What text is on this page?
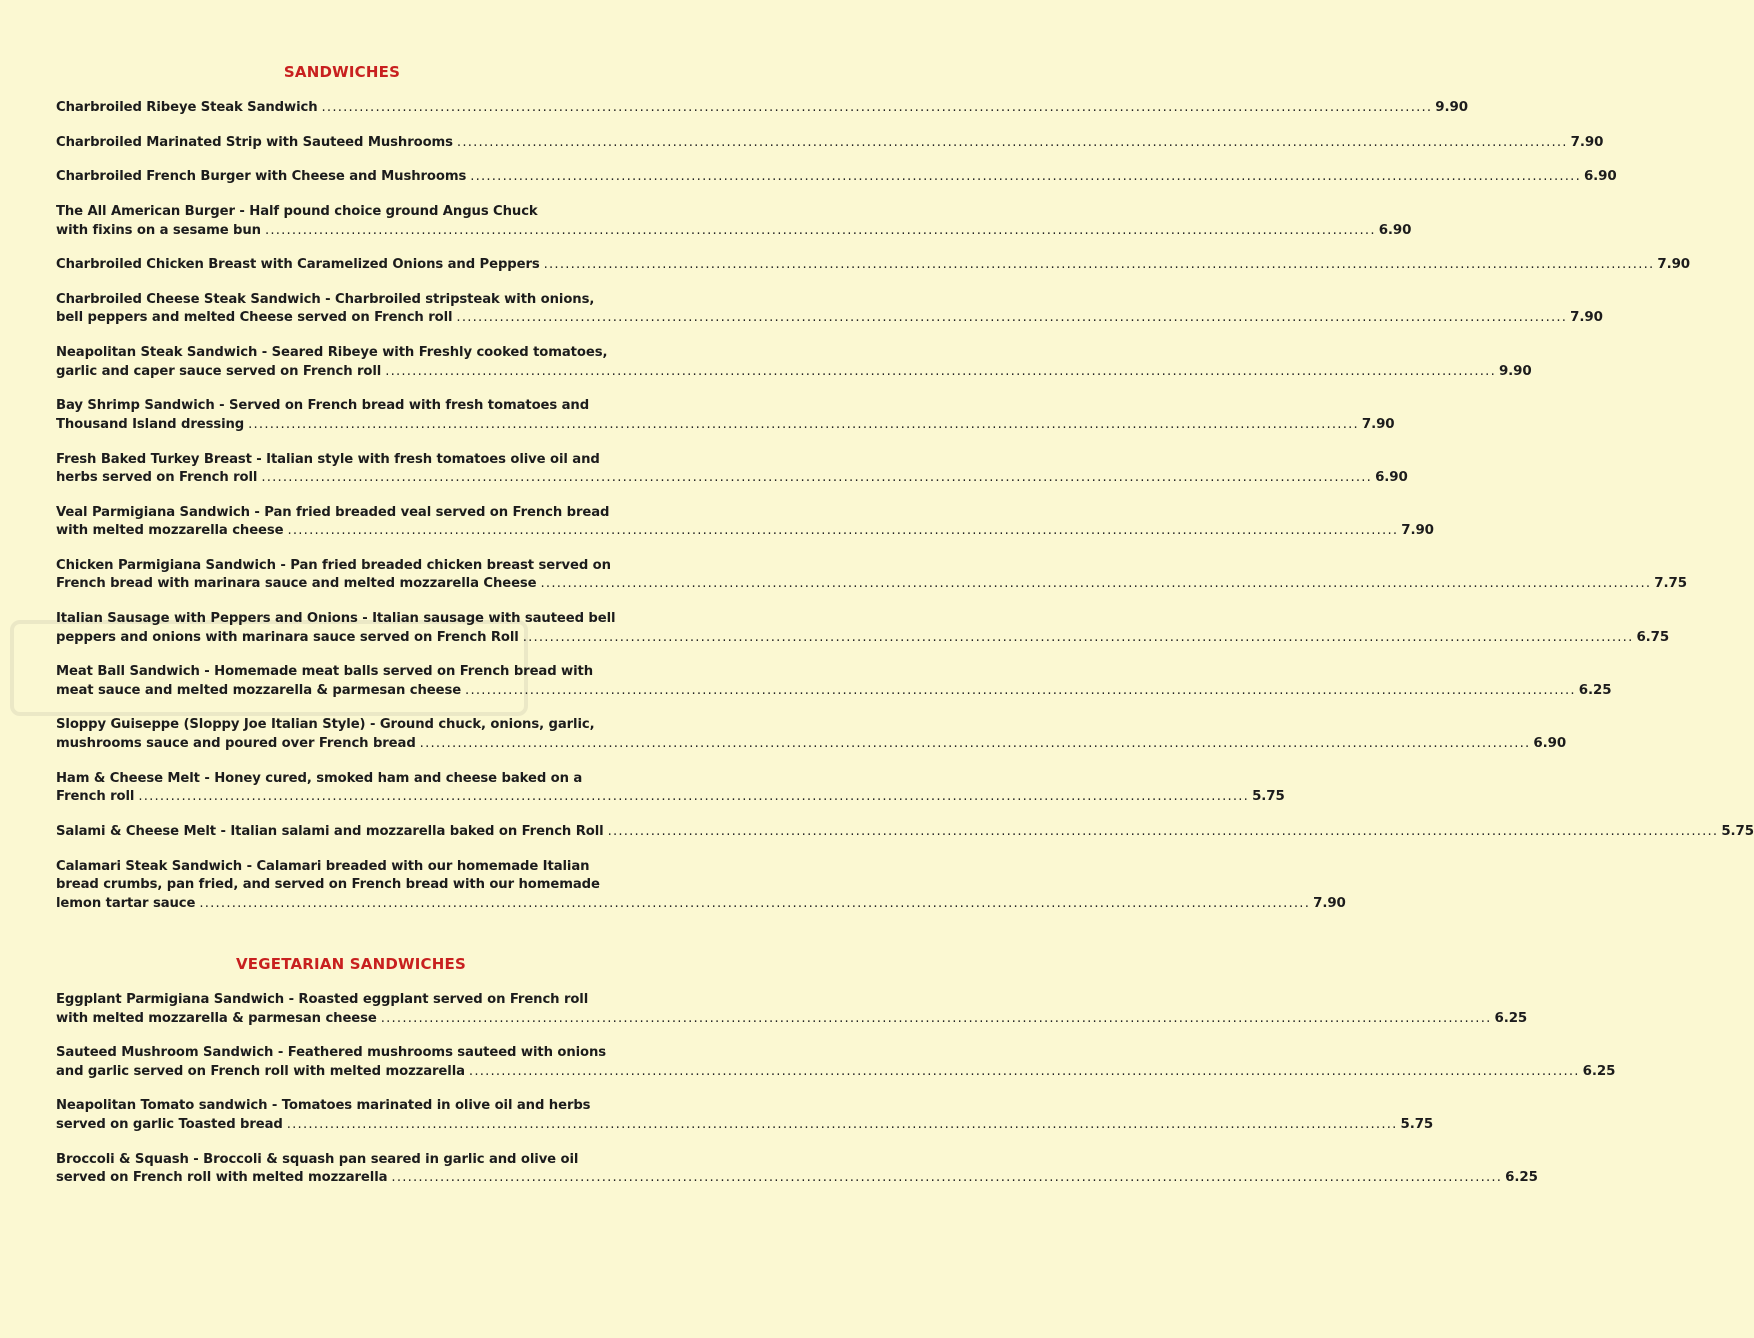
SANDWICHES
Charbroiled Ribeye Steak Sandwich .....	9.90
Charbroiled Marinated Strip with Sauteed Mushrooms .....	7.90
Charbroiled French Burger with Cheese and Mushrooms .....	6.90
The All American Burger - Half pound choice ground Angus Chuck
with fixins on a sesame bun .....	6.90
Charbroiled Chicken Breast with Caramelized Onions and Peppers .....	7.90
Charbroiled Cheese Steak Sandwich - Charbroiled stripsteak with onions,
bell peppers and melted Cheese served on French roll .....	7.90
Neapolitan Steak Sandwich - Seared Ribeye with Freshly cooked tomatoes,
garlic and caper sauce served on French roll .....	9.90
Bay Shrimp Sandwich - Served on French bread with fresh tomatoes and
Thousand Island dressing .....	7.90
Fresh Baked Turkey Breast - Italian style with fresh tomatoes olive oil and
herbs served on French roll .....	6.90
Veal Parmigiana Sandwich - Pan fried breaded veal served on French bread
with melted mozzarella cheese .....	7.90
Chicken Parmigiana Sandwich - Pan fried breaded chicken breast served on
French bread with marinara sauce and melted mozzarella Cheese .....	7.75
Italian Sausage with Peppers and Onions - Italian sausage with sauteed bell
peppers and onions with marinara sauce served on French Roll .....	6.75
Meat Ball Sandwich - Homemade meat balls served on French bread with
meat sauce and melted mozzarella & parmesan cheese .....	6.25
Sloppy Guiseppe (Sloppy Joe Italian Style) - Ground chuck, onions, garlic,
mushrooms sauce and poured over French bread .....	6.90
Ham & Cheese Melt - Honey cured, smoked ham and cheese baked on a
French roll .....	5.75
Salami & Cheese Melt - Italian salami and mozzarella baked on French Roll .....	5.75
Calamari Steak Sandwich - Calamari breaded with our homemade Italian
bread crumbs, pan fried, and served on French bread with our homemade
lemon tartar sauce .....	7.90
VEGETARIAN SANDWICHES
Eggplant Parmigiana Sandwich - Roasted eggplant served on French roll
with melted mozzarella & parmesan cheese .....	6.25
Sauteed Mushroom Sandwich - Feathered mushrooms sauteed with onions
and garlic served on French roll with melted mozzarella .....	6.25
Neapolitan Tomato sandwich - Tomatoes marinated in olive oil and herbs
served on garlic Toasted bread .....	5.75
Broccoli & Squash - Broccoli & squash pan seared in garlic and olive oil
served on French roll with melted mozzarella .....	6.25
